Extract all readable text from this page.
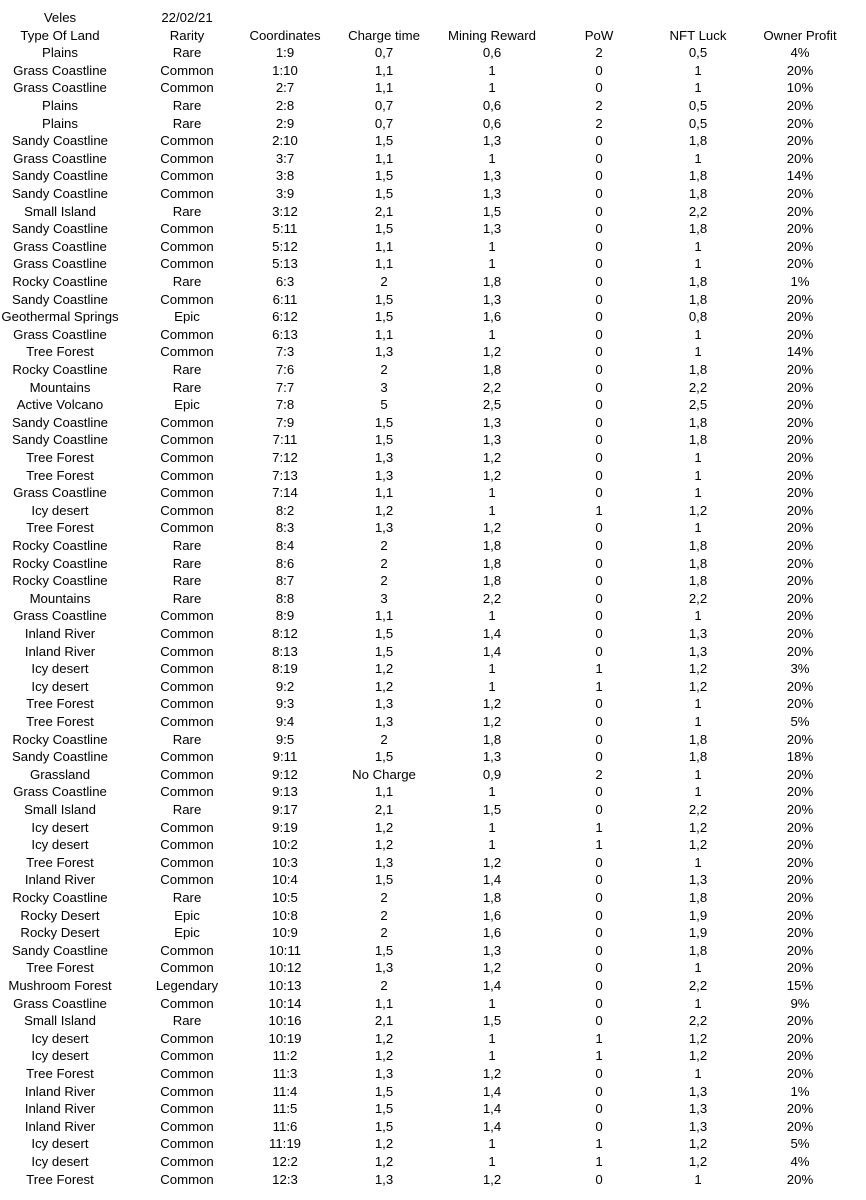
Veles	22/02/21
Type Of Land	Rarity	Coordinates	Charge time	Mining Reward	PoW	NFT Luck	Owner Profit
Plains	Rare	1:9	0,7	0,6	2	0,5	4%
Grass Coastline	Common	1:10	1,1	1	0	1	20%
Grass Coastline	Common	2:7	1,1	1	0	1	10%
Plains	Rare	2:8	0,7	0,6	2	0,5	20%
Plains	Rare	2:9	0,7	0,6	2	0,5	20%
Sandy Coastline	Common	2:10	1,5	1,3	0	1,8	20%
Grass Coastline	Common	3:7	1,1	1	0	1	20%
Sandy Coastline	Common	3:8	1,5	1,3	0	1,8	14%
Sandy Coastline	Common	3:9	1,5	1,3	0	1,8	20%
Small Island	Rare	3:12	2,1	1,5	0	2,2	20%
Sandy Coastline	Common	5:11	1,5	1,3	0	1,8	20%
Grass Coastline	Common	5:12	1,1	1	0	1	20%
Grass Coastline	Common	5:13	1,1	1	0	1	20%
Rocky Coastline	Rare	6:3	2	1,8	0	1,8	1%
Sandy Coastline	Common	6:11	1,5	1,3	0	1,8	20%
Geothermal Springs	Epic	6:12	1,5	1,6	0	0,8	20%
Grass Coastline	Common	6:13	1,1	1	0	1	20%
Tree Forest	Common	7:3	1,3	1,2	0	1	14%
Rocky Coastline	Rare	7:6	2	1,8	0	1,8	20%
Mountains	Rare	7:7	3	2,2	0	2,2	20%
Active Volcano	Epic	7:8	5	2,5	0	2,5	20%
Sandy Coastline	Common	7:9	1,5	1,3	0	1,8	20%
Sandy Coastline	Common	7:11	1,5	1,3	0	1,8	20%
Tree Forest	Common	7:12	1,3	1,2	0	1	20%
Tree Forest	Common	7:13	1,3	1,2	0	1	20%
Grass Coastline	Common	7:14	1,1	1	0	1	20%
Icy desert	Common	8:2	1,2	1	1	1,2	20%
Tree Forest	Common	8:3	1,3	1,2	0	1	20%
Rocky Coastline	Rare	8:4	2	1,8	0	1,8	20%
Rocky Coastline	Rare	8:6	2	1,8	0	1,8	20%
Rocky Coastline	Rare	8:7	2	1,8	0	1,8	20%
Mountains	Rare	8:8	3	2,2	0	2,2	20%
Grass Coastline	Common	8:9	1,1	1	0	1	20%
Inland River	Common	8:12	1,5	1,4	0	1,3	20%
Inland River	Common	8:13	1,5	1,4	0	1,3	20%
Icy desert	Common	8:19	1,2	1	1	1,2	3%
Icy desert	Common	9:2	1,2	1	1	1,2	20%
Tree Forest	Common	9:3	1,3	1,2	0	1	20%
Tree Forest	Common	9:4	1,3	1,2	0	1	5%
Rocky Coastline	Rare	9:5	2	1,8	0	1,8	20%
Sandy Coastline	Common	9:11	1,5	1,3	0	1,8	18%
Grassland	Common	9:12	No Charge	0,9	2	1	20%
Grass Coastline	Common	9:13	1,1	1	0	1	20%
Small Island	Rare	9:17	2,1	1,5	0	2,2	20%
Icy desert	Common	9:19	1,2	1	1	1,2	20%
Icy desert	Common	10:2	1,2	1	1	1,2	20%
Tree Forest	Common	10:3	1,3	1,2	0	1	20%
Inland River	Common	10:4	1,5	1,4	0	1,3	20%
Rocky Coastline	Rare	10:5	2	1,8	0	1,8	20%
Rocky Desert	Epic	10:8	2	1,6	0	1,9	20%
Rocky Desert	Epic	10:9	2	1,6	0	1,9	20%
Sandy Coastline	Common	10:11	1,5	1,3	0	1,8	20%
Tree Forest	Common	10:12	1,3	1,2	0	1	20%
Mushroom Forest	Legendary	10:13	2	1,4	0	2,2	15%
Grass Coastline	Common	10:14	1,1	1	0	1	9%
Small Island	Rare	10:16	2,1	1,5	0	2,2	20%
Icy desert	Common	10:19	1,2	1	1	1,2	20%
Icy desert	Common	11:2	1,2	1	1	1,2	20%
Tree Forest	Common	11:3	1,3	1,2	0	1	20%
Inland River	Common	11:4	1,5	1,4	0	1,3	1%
Inland River	Common	11:5	1,5	1,4	0	1,3	20%
Inland River	Common	11:6	1,5	1,4	0	1,3	20%
Icy desert	Common	11:19	1,2	1	1	1,2	5%
Icy desert	Common	12:2	1,2	1	1	1,2	4%
Tree Forest	Common	12:3	1,3	1,2	0	1	20%
